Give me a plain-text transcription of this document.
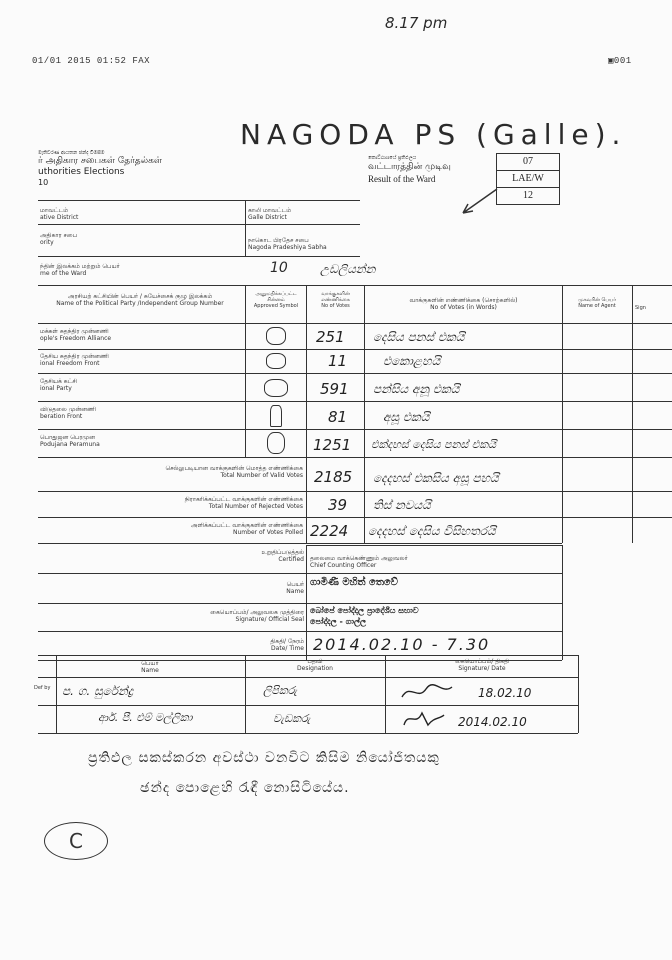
01/01 2015 01:52 FAX	▣001
8.17 pm
NAGODA PS (Galle).
මැතිවරණ ආයතන ඡන්ද විමසීම
ர் அதிகார சபைகள் தேர்தல்கள்
uthorities Elections
10
කොට්ඨාශයේ ප්‍රතිඵලය
வட்டாரத்தின் முடிவு
Result of the Ward
07
LAE/W
12
மாவட்டம்
ative District
காலி மாவட்டம்
Galle District
அதிகார சபை
ority	நாகொட பிரதேச சபை
Nagoda Pradeshiya Sabha
ந்தின் இலக்கம் மற்றும் பெயர்
me of the Ward	10	උඩලියන්න
அரசியற் கட்சியின் பெயர் / சுயேச்சைக் குழு இலக்கம்
Name of the Political Party /Independent Group Number
அனுமதிக்கப்பட்ட சின்னம்
Approved Symbol
வாக்குகளின் எண்ணிக்கை
No of Votes
வாக்குகளின் எண்ணிக்கை (சொற்களில்)
No of Votes (in Words)
முகவரின் பெயர்
Name of Agent	Sign
மக்கள் சுதந்திர முன்னணி
ople's Freedom Alliance	251 දෙසිය පනස් එකයි
தேசிய சுதந்திர முன்னணி
ional Freedom Front	11	එකොළහයි
தேசியக் கட்சி
ional Party	591 පන්සිය අනූ එකයි
விடுதலை முன்னணி
beration Front	81	අසූ එකයි
பொதுஜன பெரமுன
Podujana Peramuna	1251 එක්දහස් දෙසිය පනස් එකයි
செல்லுபடியான வாக்குகளின் மொத்த எண்ணிக்கை
Total Number of Valid Votes 2185 දෙදහස් එකසිය අසූ පහයි
நிராகரிக்கப்பட்ட வாக்குகளின் எண்ணிக்கை
Total Number of Rejected Votes 39 තිස් නවයයි
அளிக்கப்பட்ட வாக்குகளின் எண்ணிக்கை
Number of Votes Polled 2224 දෙදහස් දෙසිය විසිහතරයි
உறுதிப்படுத்தல்
Certified தலைமை வாக்கெண்ணும் அலுவலர்
Chief Counting Officer
பெயர்
Name
ගාමිණී මහිත් තෙවේ
கையொப்பம்/ அலுவலக முத்திரை
Signature/ Official Seal
බෝපේ පෝද්දල ප්‍රාදේශීය සභාව
පෝද්දල - ගාල්ල
திகதி/ நேரம்
Date/ Time 2014.02.10 - 7.30
Def by
பெயர்
Name
பதவி
Designation
கையொப்பம்/ திகதி
Signature/ Date
ප. ග. සුරේන්ද්‍ර	ලිපිකරු	18.02.10
ආර්. පී. එම් මල්ලිකා	වැඩකරු	2014.02.10
ප්‍රතිඵල සකස්කරන අවස්ථා වනවිට කිසිම නියෝජිතයකු
ඡන්ද පොළෙහි රැඳී නොසිටියේය.
C
